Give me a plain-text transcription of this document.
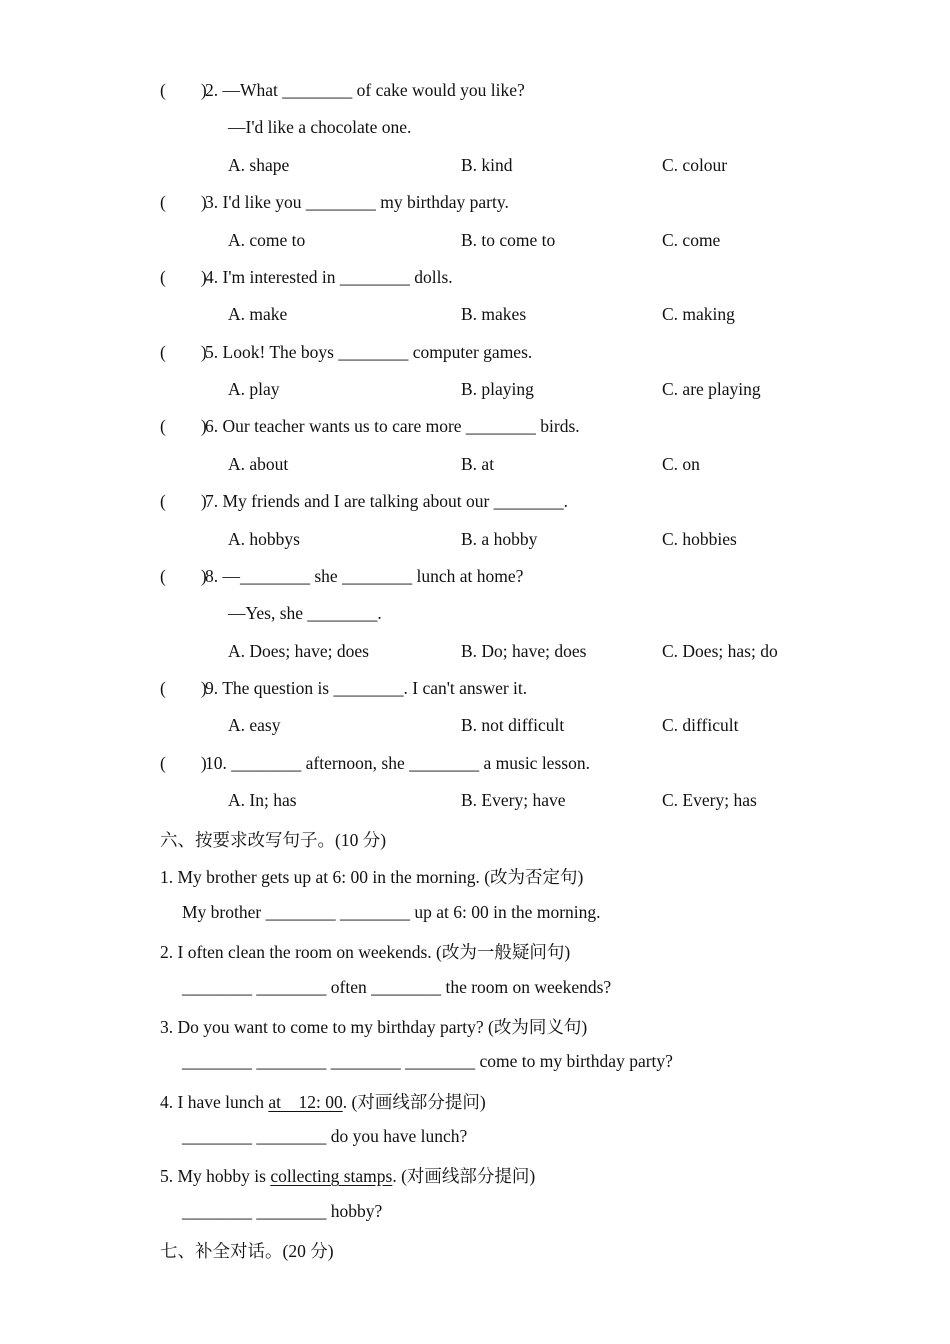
(        )
2. —What ________ of cake would you like?
—I'd like a chocolate one.
A. shape	B. kind	C. colour
(        )
3. I'd like you ________ my birthday party.
A. come to	B. to come to	C. come
(        )
4. I'm interested in ________ dolls.
A. make	B. makes	C. making
(        )
5. Look! The boys ________ computer games.
A. play	B. playing	C. are playing
(        )
6. Our teacher wants us to care more ________ birds.
A. about	B. at	C. on
(        )
7. My friends and I are talking about our ________.
A. hobbys	B. a hobby	C. hobbies
(        )
8. —________ she ________ lunch at home?
—Yes, she ________.
A. Does; have; does	B. Do; have; does	C. Does; has; do
(        )
9. The question is ________. I can't answer it.
A. easy	B. not difficult	C. difficult
(        )
10. ________ afternoon, she ________ a music lesson.
A. In; has	B. Every; have	C. Every; has
六、按要求改写句子。(10 分)
1. My brother gets up at 6: 00 in the morning. (改为否定句)
My brother ________ ________ up at 6: 00 in the morning.
2. I often clean the room on weekends. (改为一般疑问句)
________ ________ often ________ the room on weekends?
3. Do you want to come to my birthday party? (改为同义句)
________ ________ ________ ________ come to my birthday party?
4. I have lunch at    12: 00. (对画线部分提问)
________ ________ do you have lunch?
5. My hobby is collecting stamps. (对画线部分提问)
________ ________ hobby?
七、补全对话。(20 分)
